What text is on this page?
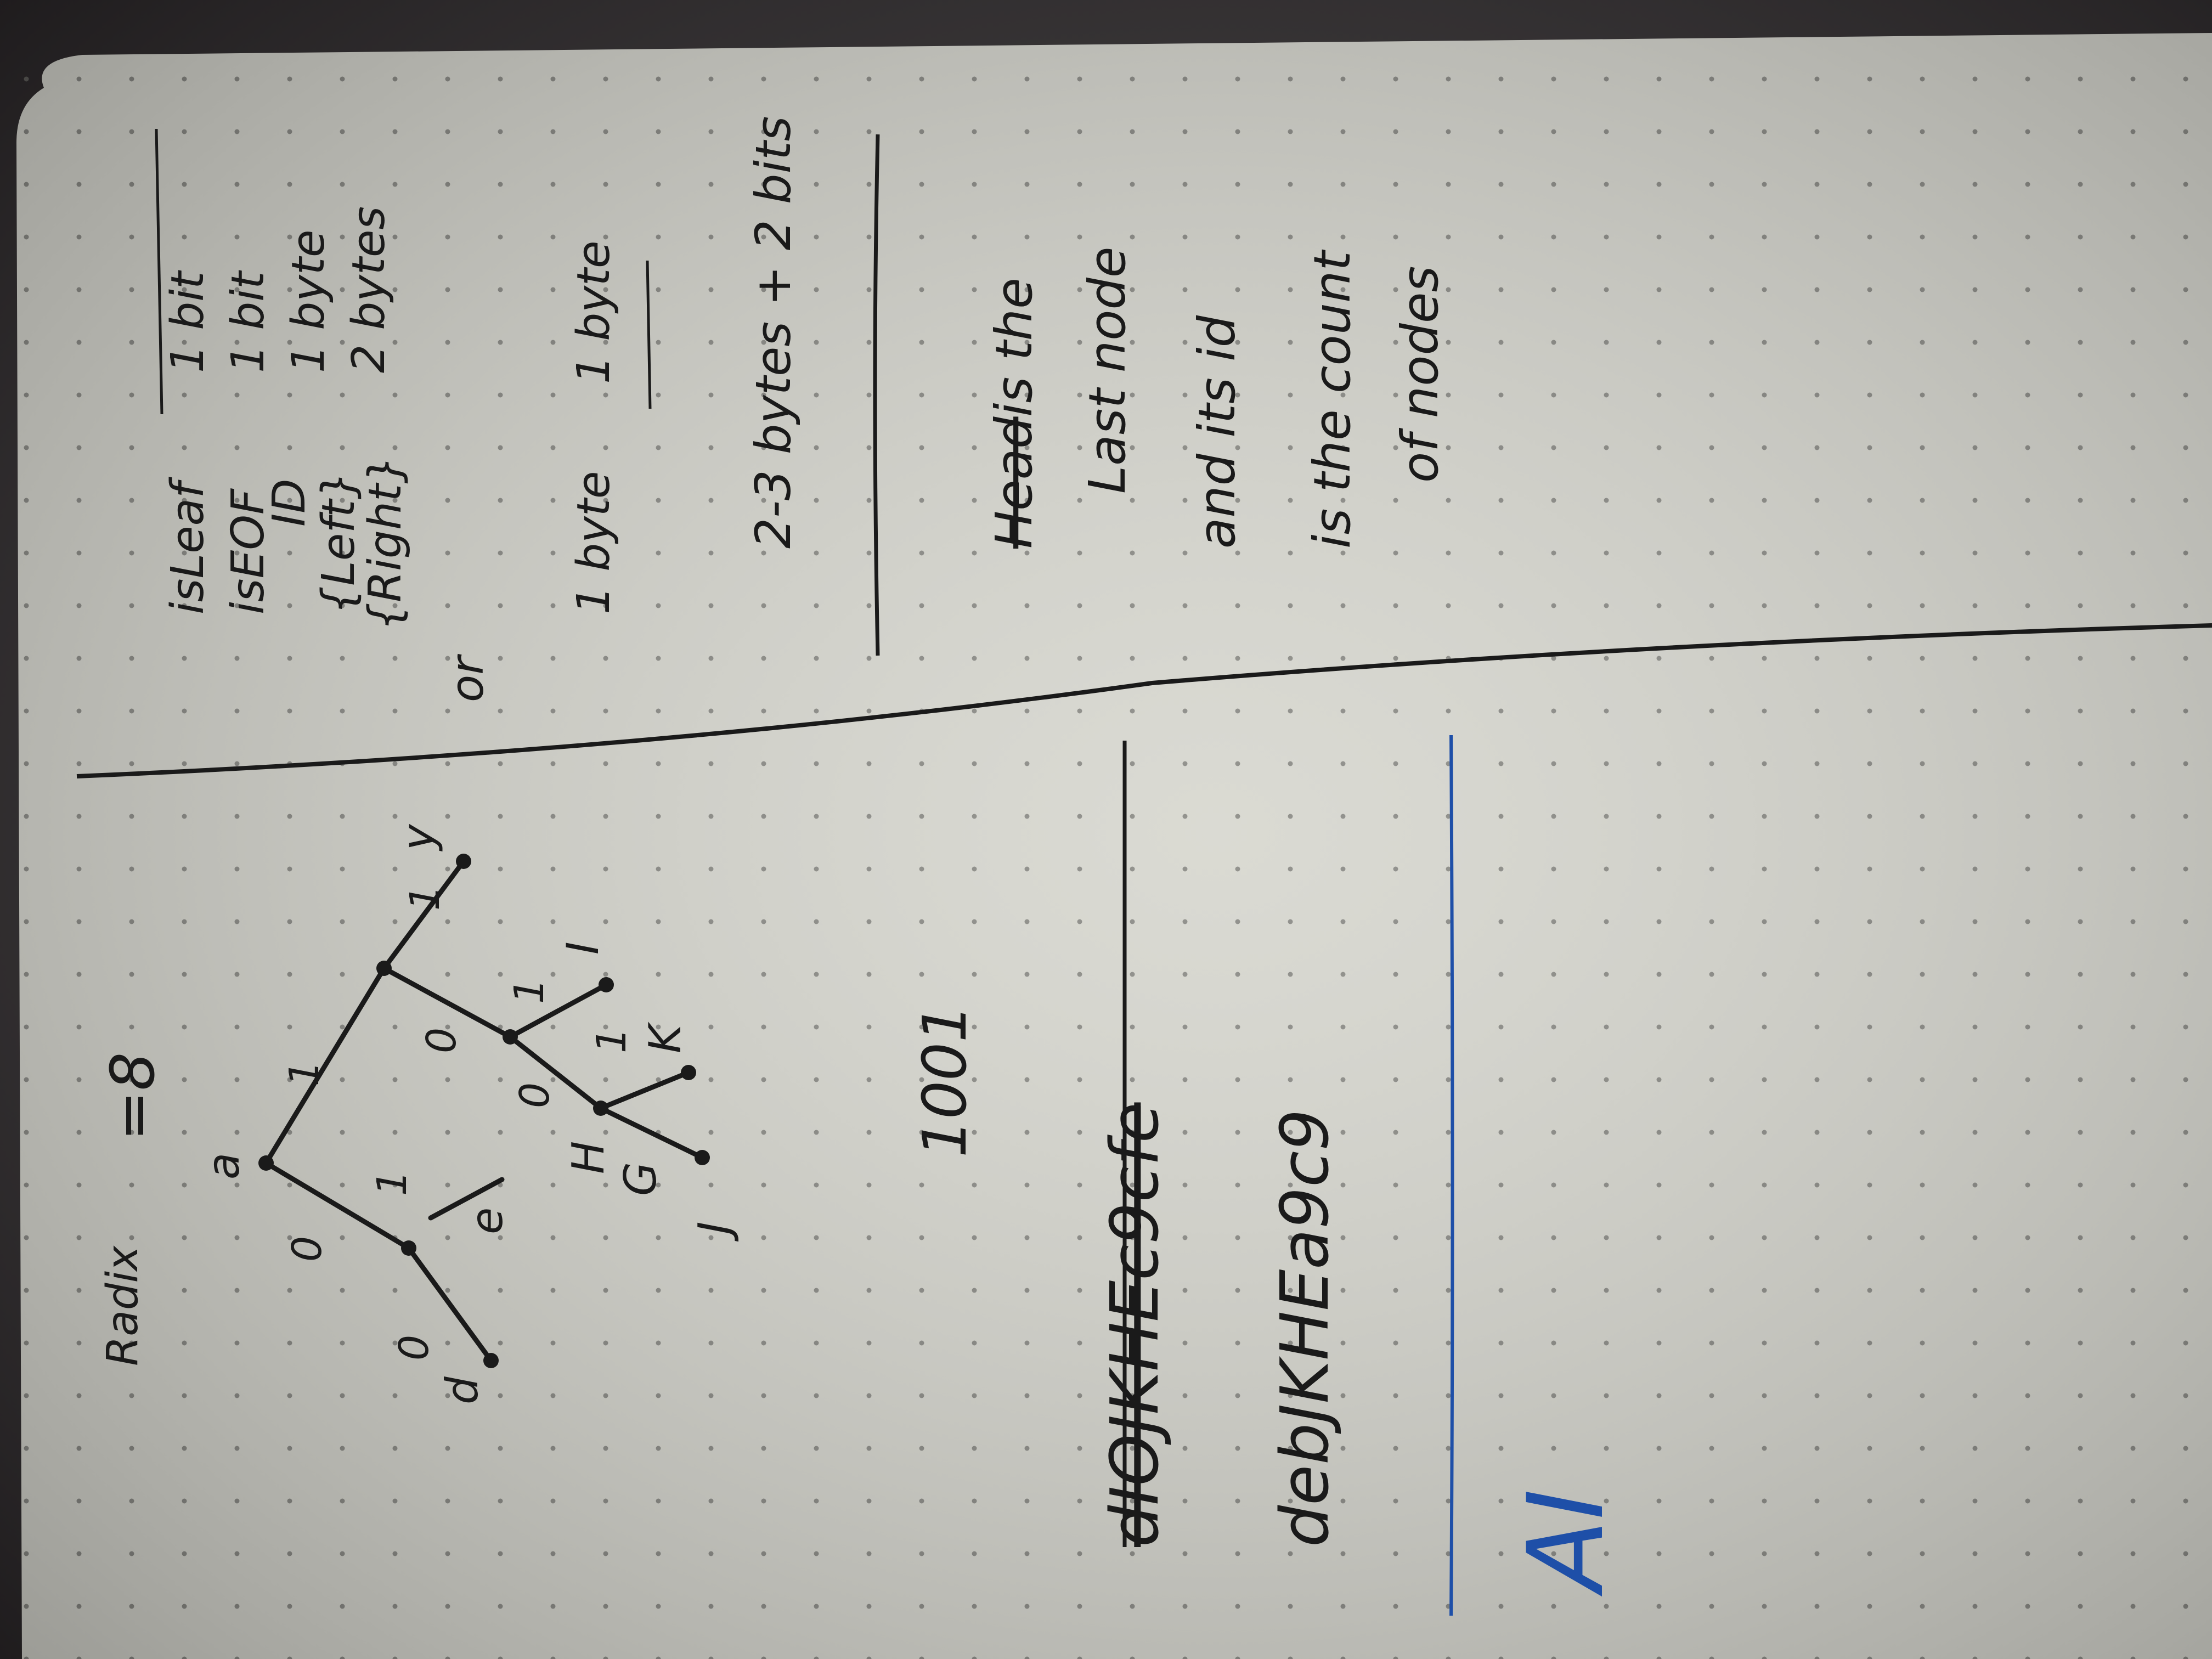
Radix
=8
0
1
0
1
1
0
1
0
1
a
d
e
y
I
K
J
H
G
isLeaf isEOF
ID
{Left}
{Right}
1 bit 1 bit 1 byte 2 bytes
or
1 byte
1 byte	2-3 bytes + 2 bits	Head
is the Last node and its id is the count of nodes
1001
dIOJKHEc9cfe debJKHEa9c9 AI
